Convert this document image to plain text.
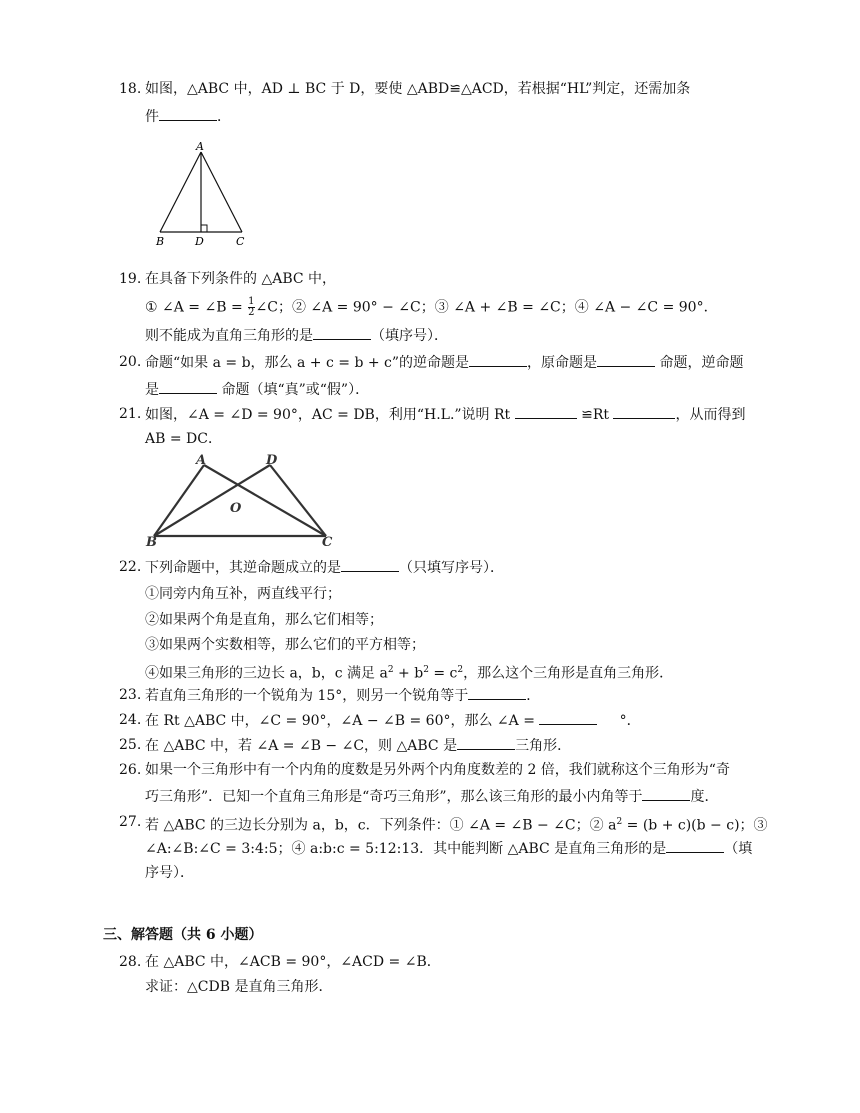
18. 如图，△ABC 中，AD ⊥ BC 于 D，要使 △ABD≌△ACD，若根据“HL”判定，还需加条
件	．
A
B	D	C
19. 在具备下列条件的 △ABC 中，
① ∠A = ∠B = $\frac{1}{2}$ ∠C；② ∠A = 90° − ∠C；③ ∠A + ∠B = ∠C；④ ∠A − ∠C = 90°．
则不能成为直角三角形的是	（填序号）．
20. 命题“如果 a = b，那么 a + c = b + c”的逆命题是	，原命题是	命题，逆命题
是	命题（填“真”或“假”）．
21. 如图，∠A = ∠D = 90°，AC = DB，利用“H.L.”说明 Rt	≌Rt	，从而得到
AB = DC．
A	D
O
B	C
22. 下列命题中，其逆命题成立的是	（只填写序号）．
①同旁内角互补，两直线平行；
②如果两个角是直角，那么它们相等；
③如果两个实数相等，那么它们的平方相等；
④如果三角形的三边长 a，b，c 满足 $a^2 + b^2 = c^2$，那么这个三角形是直角三角形．
23. 若直角三角形的一个锐角为 15°，则另一个锐角等于	．
24. 在 Rt △ABC 中，∠C = 90°，∠A − ∠B = 60°，那么 ∠A =	°．
25. 在 △ABC 中，若 ∠A = ∠B − ∠C，则 △ABC 是	三角形．
26. 如果一个三角形中有一个内角的度数是另外两个内角度数差的 2 倍，我们就称这个三角形为“奇
巧三角形”．已知一个直角三角形是“奇巧三角形”，那么该三角形的最小内角等于	度．
27. 若 △ABC 的三边长分别为 a，b，c．下列条件：① ∠A = ∠B − ∠C；② $a^2 = (b + c)(b - c)$；③
∠A:∠B:∠C = 3:4:5；④ a:b:c = 5:12:13．其中能判断 △ABC 是直角三角形的是	（填
序号）．
三、解答题（共 6 小题）
28. 在 △ABC 中，∠ACB = 90°，∠ACD = ∠B．
求证：△CDB 是直角三角形．
